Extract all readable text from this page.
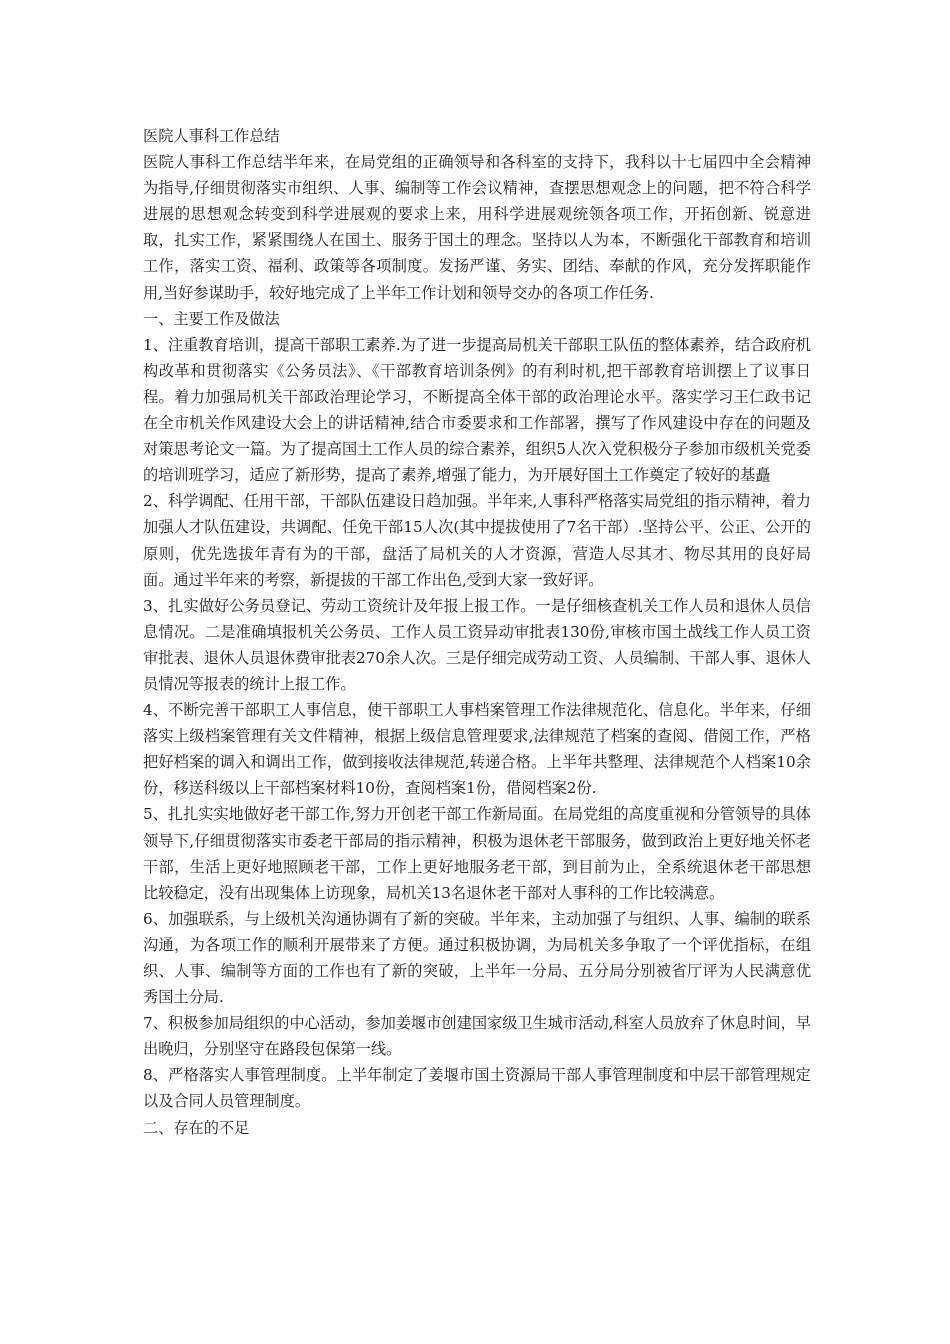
医院人事科工作总结

医院人事科工作总结半年来，在局党组的正确领导和各科室的支持下，我科以十七届四中全会精神为指导,仔细贯彻落实市组织、人事、编制等工作会议精神，查摆思想观念上的问题，把不符合科学进展的思想观念转变到科学进展观的要求上来，用科学进展观统领各项工作，开拓创新、锐意进取，扎实工作，紧紧围绕人在国土、服务于国土的理念。坚持以人为本，不断强化干部教育和培训工作，落实工资、福利、政策等各项制度。发扬严谨、务实、团结、奉献的作风，充分发挥职能作用,当好参谋助手，较好地完成了上半年工作计划和领导交办的各项工作任务.

一、主要工作及做法

1、注重教育培训，提高干部职工素养.为了进一步提高局机关干部职工队伍的整体素养，结合政府机构改革和贯彻落实《公务员法》、《干部教育培训条例》的有利时机,把干部教育培训摆上了议事日程。着力加强局机关干部政治理论学习，不断提高全体干部的政治理论水平。落实学习王仁政书记在全市机关作风建设大会上的讲话精神,结合市委要求和工作部署，撰写了作风建设中存在的问题及对策思考论文一篇。为了提高国土工作人员的综合素养，组织5人次入党积极分子参加市级机关党委的培训班学习，适应了新形势，提高了素养,增强了能力，为开展好国土工作奠定了较好的基矗

2、科学调配、任用干部，干部队伍建设日趋加强。半年来,人事科严格落实局党组的指示精神，着力加强人才队伍建设，共调配、任免干部15人次(其中提拔使用了7名干部）.坚持公平、公正、公开的原则，优先选拔年青有为的干部，盘活了局机关的人才资源，营造人尽其才、物尽其用的良好局面。通过半年来的考察，新提拔的干部工作出色,受到大家一致好评。

3、扎实做好公务员登记、劳动工资统计及年报上报工作。一是仔细核查机关工作人员和退休人员信息情况。二是准确填报机关公务员、工作人员工资异动审批表130份,审核市国土战线工作人员工资审批表、退休人员退休费审批表270余人次。三是仔细完成劳动工资、人员编制、干部人事、退休人员情况等报表的统计上报工作。

4、不断完善干部职工人事信息，使干部职工人事档案管理工作法律规范化、信息化。半年来，仔细落实上级档案管理有关文件精神，根据上级信息管理要求,法律规范了档案的查阅、借阅工作，严格把好档案的调入和调出工作，做到接收法律规范,转递合格。上半年共整理、法律规范个人档案10余份，移送科级以上干部档案材料10份，查阅档案1份，借阅档案2份.

5、扎扎实实地做好老干部工作,努力开创老干部工作新局面。在局党组的高度重视和分管领导的具体领导下,仔细贯彻落实市委老干部局的指示精神，积极为退休老干部服务，做到政治上更好地关怀老干部，生活上更好地照顾老干部，工作上更好地服务老干部，到目前为止，全系统退休老干部思想比较稳定，没有出现集体上访现象，局机关13名退休老干部对人事科的工作比较满意。

6、加强联系，与上级机关沟通协调有了新的突破。半年来，主动加强了与组织、人事、编制的联系沟通，为各项工作的顺利开展带来了方便。通过积极协调，为局机关多争取了一个评优指标，在组织、人事、编制等方面的工作也有了新的突破，上半年一分局、五分局分别被省厅评为人民满意优秀国土分局.

7、积极参加局组织的中心活动，参加姜堰市创建国家级卫生城市活动,科室人员放弃了休息时间，早出晚归，分别坚守在路段包保第一线。

8、严格落实人事管理制度。上半年制定了姜堰市国土资源局干部人事管理制度和中层干部管理规定以及合同人员管理制度。

二、存在的不足
